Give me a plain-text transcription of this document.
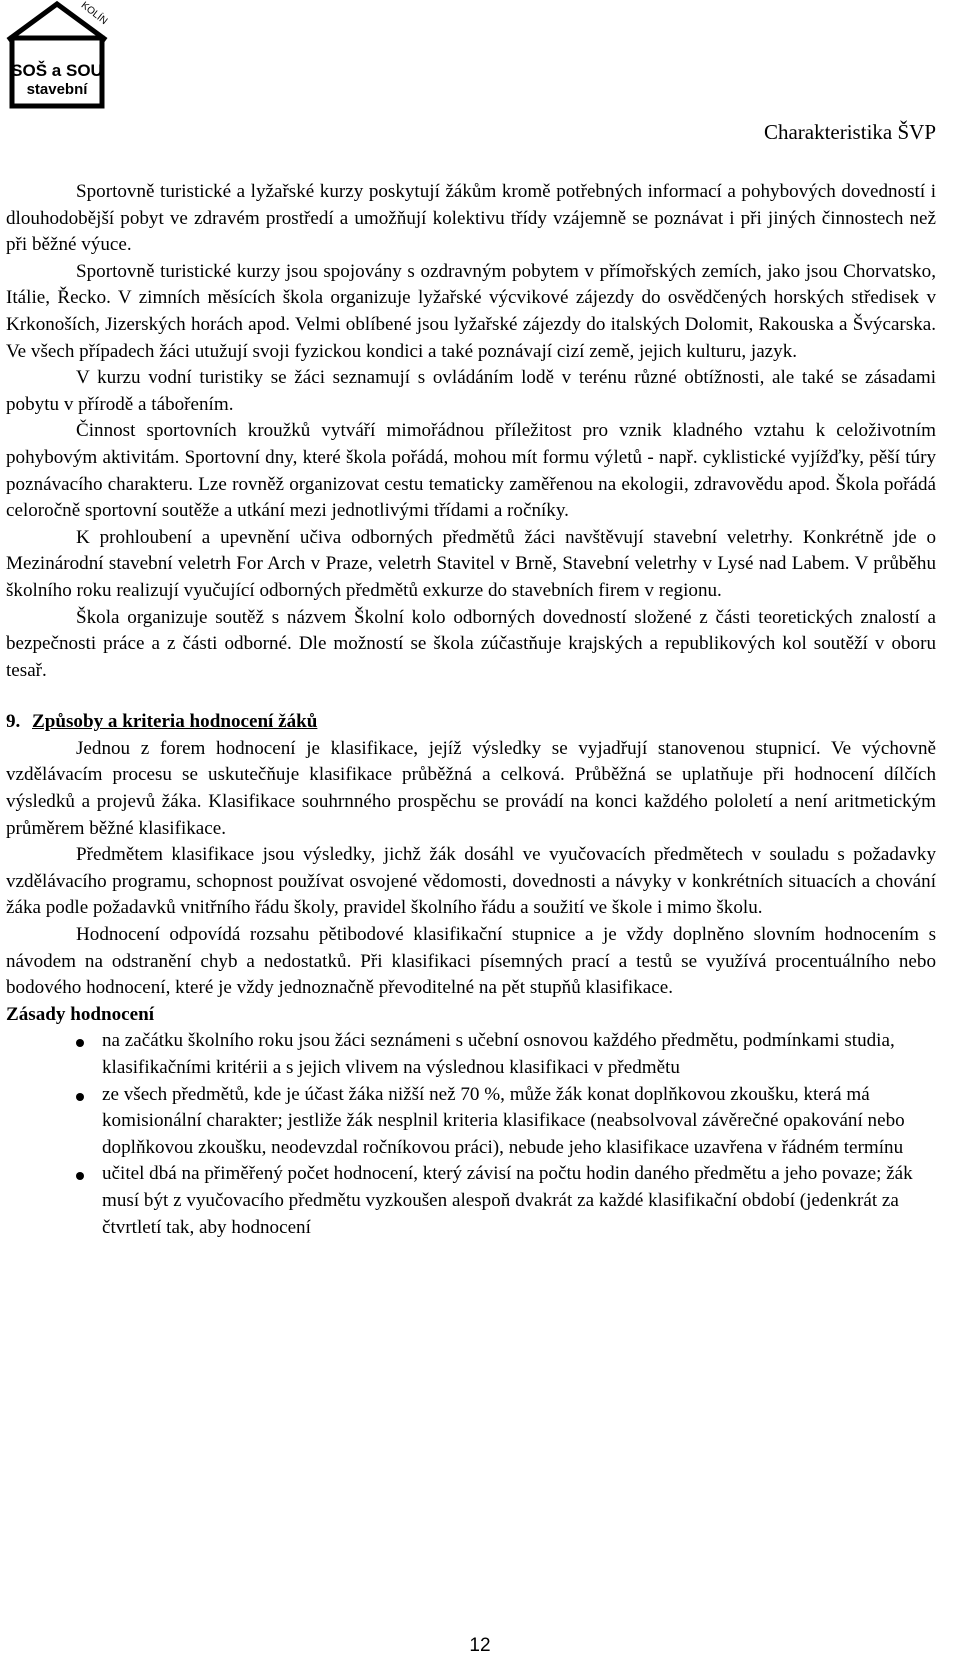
SOŠ a SOU
stavební
KOLÍN
Charakteristika ŠVP

Sportovně turistické a lyžařské kurzy poskytují žákům kromě potřebných informací a pohybových dovedností i dlouhodobější pobyt ve zdravém prostředí a umožňují kolektivu třídy vzájemně se poznávat i při jiných činnostech než při běžné výuce.

Sportovně turistické kurzy jsou spojovány s ozdravným pobytem v přímořských zemích, jako jsou Chorvatsko, Itálie, Řecko. V zimních měsících škola organizuje lyžařské výcvikové zájezdy do osvědčených horských středisek v Krkonoších, Jizerských horách apod. Velmi oblíbené jsou lyžařské zájezdy do italských Dolomit, Rakouska a Švýcarska. Ve všech případech žáci utužují svoji fyzickou kondici a také poznávají cizí země, jejich kulturu, jazyk.

V kurzu vodní turistiky se žáci seznamují s ovládáním lodě v terénu různé obtížnosti, ale také se zásadami pobytu v přírodě a tábořením.

Činnost sportovních kroužků vytváří mimořádnou příležitost pro vznik kladného vztahu k celoživotním pohybovým aktivitám. Sportovní dny, které škola pořádá, mohou mít formu výletů - např. cyklistické vyjížďky, pěší túry poznávacího charakteru. Lze rovněž organizovat cestu tematicky zaměřenou na ekologii, zdravovědu apod. Škola pořádá celoročně sportovní soutěže a utkání mezi jednotlivými třídami a ročníky.

K prohloubení a upevnění učiva odborných předmětů žáci navštěvují stavební veletrhy. Konkrétně jde o Mezinárodní stavební veletrh For Arch v Praze, veletrh Stavitel v Brně, Stavební veletrhy v Lysé nad Labem. V průběhu školního roku realizují vyučující odborných předmětů exkurze do stavebních firem v regionu.

Škola organizuje soutěž s názvem Školní kolo odborných dovedností složené z části teoretických znalostí a bezpečnosti práce a z části odborné. Dle možností se škola zúčastňuje krajských a republikových kol soutěží v oboru tesař.

9. Způsoby a kriteria hodnocení žáků

Jednou z forem hodnocení je klasifikace, jejíž výsledky se vyjadřují stanovenou stupnicí. Ve výchovně vzdělávacím procesu se uskutečňuje klasifikace průběžná a celková. Průběžná se uplatňuje při hodnocení dílčích výsledků a projevů žáka. Klasifikace souhrnného prospěchu se provádí na konci každého pololetí a není aritmetickým průměrem běžné klasifikace.

Předmětem klasifikace jsou výsledky, jichž žák dosáhl ve vyučovacích předmětech v souladu s požadavky vzdělávacího programu, schopnost používat osvojené vědomosti, dovednosti a návyky v konkrétních situacích a chování žáka podle požadavků vnitřního řádu školy, pravidel školního řádu a soužití ve škole i mimo školu.

Hodnocení odpovídá rozsahu pětibodové klasifikační stupnice a je vždy doplněno slovním hodnocením s návodem na odstranění chyb a nedostatků. Při klasifikaci písemných prací a testů se využívá procentuálního nebo bodového hodnocení, které je vždy jednoznačně převoditelné na pět stupňů klasifikace.

Zásady hodnocení

na začátku školního roku jsou žáci seznámeni s učební osnovou každého předmětu, podmínkami studia, klasifikačními kritérii a s jejich vlivem na výslednou klasifikaci v předmětu
ze všech předmětů, kde je účast žáka nižší než 70 %, může žák konat doplňkovou zkoušku, která má komisionální charakter; jestliže žák nesplnil kriteria klasifikace (neabsolvoval závěrečné opakování nebo doplňkovou zkoušku, neodevzdal ročníkovou práci), nebude jeho klasifikace uzavřena v řádném termínu
učitel dbá na přiměřený počet hodnocení, který závisí na počtu hodin daného předmětu a jeho povaze; žák musí být z vyučovacího předmětu vyzkoušen alespoň dvakrát za každé klasifikační období (jedenkrát za čtvrtletí tak, aby hodnocení
12
